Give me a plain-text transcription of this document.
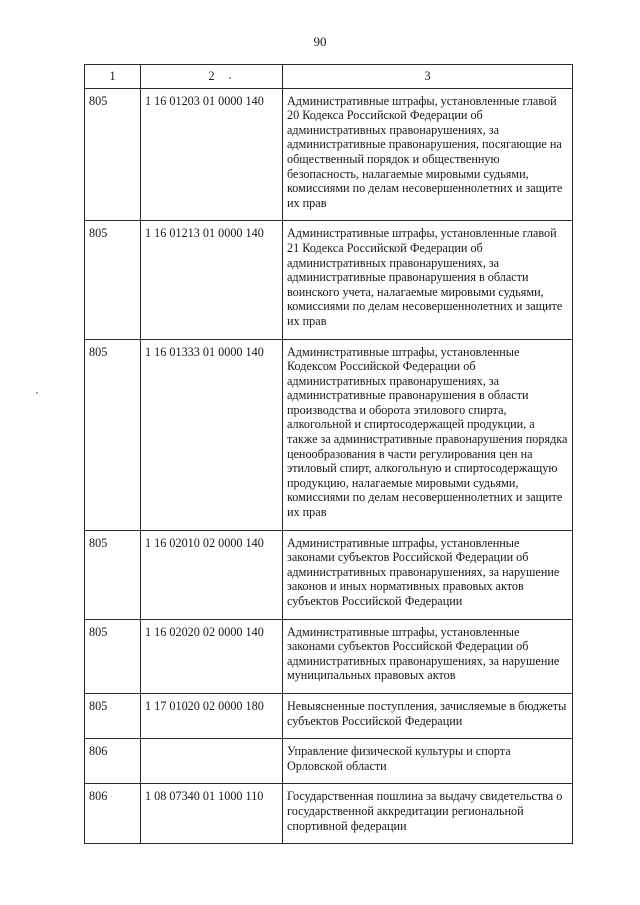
90
1	2	3
805	1 16 01203 01 0000 140	Административные штрафы, установленные главой 20 Кодекса Российской Федерации об административных правонарушениях, за административные правонарушения, посягающие на общественный порядок и общественную безопасность, налагаемые мировыми судьями, комиссиями по делам несовершеннолетних и защите их прав
805	1 16 01213 01 0000 140	Административные штрафы, установленные главой 21 Кодекса Российской Федерации об административных правонарушениях, за административные правонарушения в области воинского учета, налагаемые мировыми судьями, комиссиями по делам несовершеннолетних и защите их прав
805	1 16 01333 01 0000 140	Административные штрафы, установленные Кодексом Российской Федерации об административных правонарушениях, за административные правонарушения в области производства и оборота этилового спирта, алкогольной и спиртосодержащей продукции, а также за административные правонарушения порядка ценообразования в части регулирования цен на этиловый спирт, алкогольную и спиртосодержащую продукцию, налагаемые мировыми судьями, комиссиями по делам несовершеннолетних и защите их прав
805	1 16 02010 02 0000 140	Административные штрафы, установленные законами субъектов Российской Федерации об административных правонарушениях, за нарушение законов и иных нормативных правовых актов субъектов Российской Федерации
805	1 16 02020 02 0000 140	Административные штрафы, установленные законами субъектов Российской Федерации об административных правонарушениях, за нарушение муниципальных правовых актов
805	1 17 01020 02 0000 180	Невыясненные поступления, зачисляемые в бюджеты субъектов Российской Федерации
806		Управление физической культуры и спорта Орловской области
806	1 08 07340 01 1000 110	Государственная пошлина за выдачу свидетельства о государственной аккредитации региональной спортивной федерации
